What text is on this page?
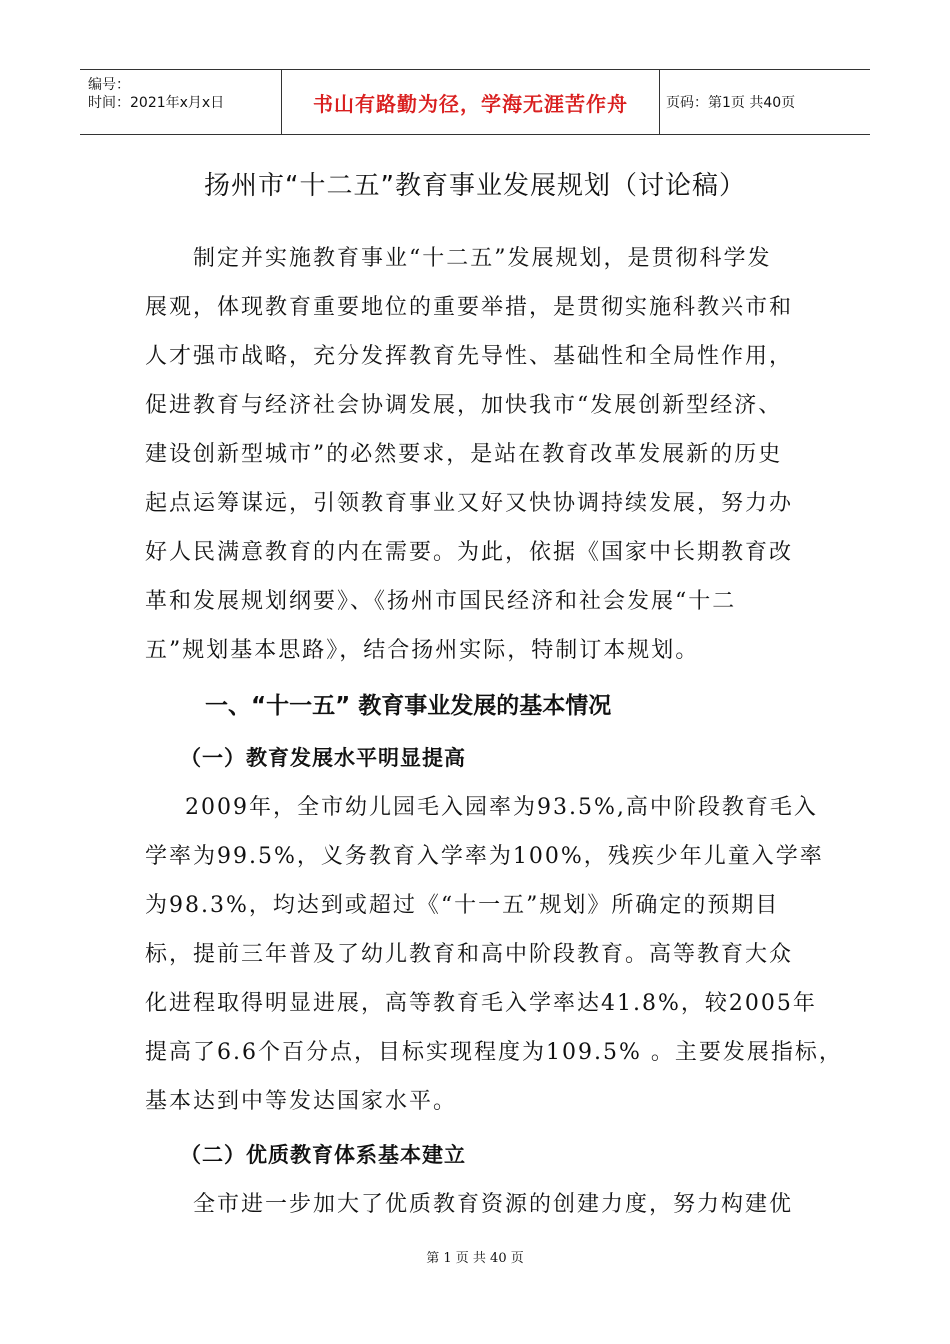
编号：
时间：2021年x月x日	书山有路勤为径，学海无涯苦作舟	页码：第1页 共40页
扬州市“十二五”教育事业发展规划（讨论稿）
制定并实施教育事业“十二五”发展规划，是贯彻科学发
展观，体现教育重要地位的重要举措，是贯彻实施科教兴市和
人才强市战略，充分发挥教育先导性、基础性和全局性作用，
促进教育与经济社会协调发展，加快我市“发展创新型经济、
建设创新型城市”的必然要求，是站在教育改革发展新的历史
起点运筹谋远，引领教育事业又好又快协调持续发展，努力办
好人民满意教育的内在需要。为此，依据《国家中长期教育改
革和发展规划纲要》、《扬州市国民经济和社会发展“十二
五”规划基本思路》，结合扬州实际，特制订本规划。
一、“十一五” 教育事业发展的基本情况
（一）教育发展水平明显提高
2009年，全市幼儿园毛入园率为93.5%,高中阶段教育毛入
学率为99.5%，义务教育入学率为100%，残疾少年儿童入学率
为98.3%，均达到或超过《“十一五”规划》所确定的预期目
标，提前三年普及了幼儿教育和高中阶段教育。高等教育大众
化进程取得明显进展，高等教育毛入学率达41.8%，较2005年
提高了6.6个百分点，目标实现程度为109.5% 。主要发展指标，
基本达到中等发达国家水平。
（二）优质教育体系基本建立
全市进一步加大了优质教育资源的创建力度，努力构建优
第 1 页 共 40 页
